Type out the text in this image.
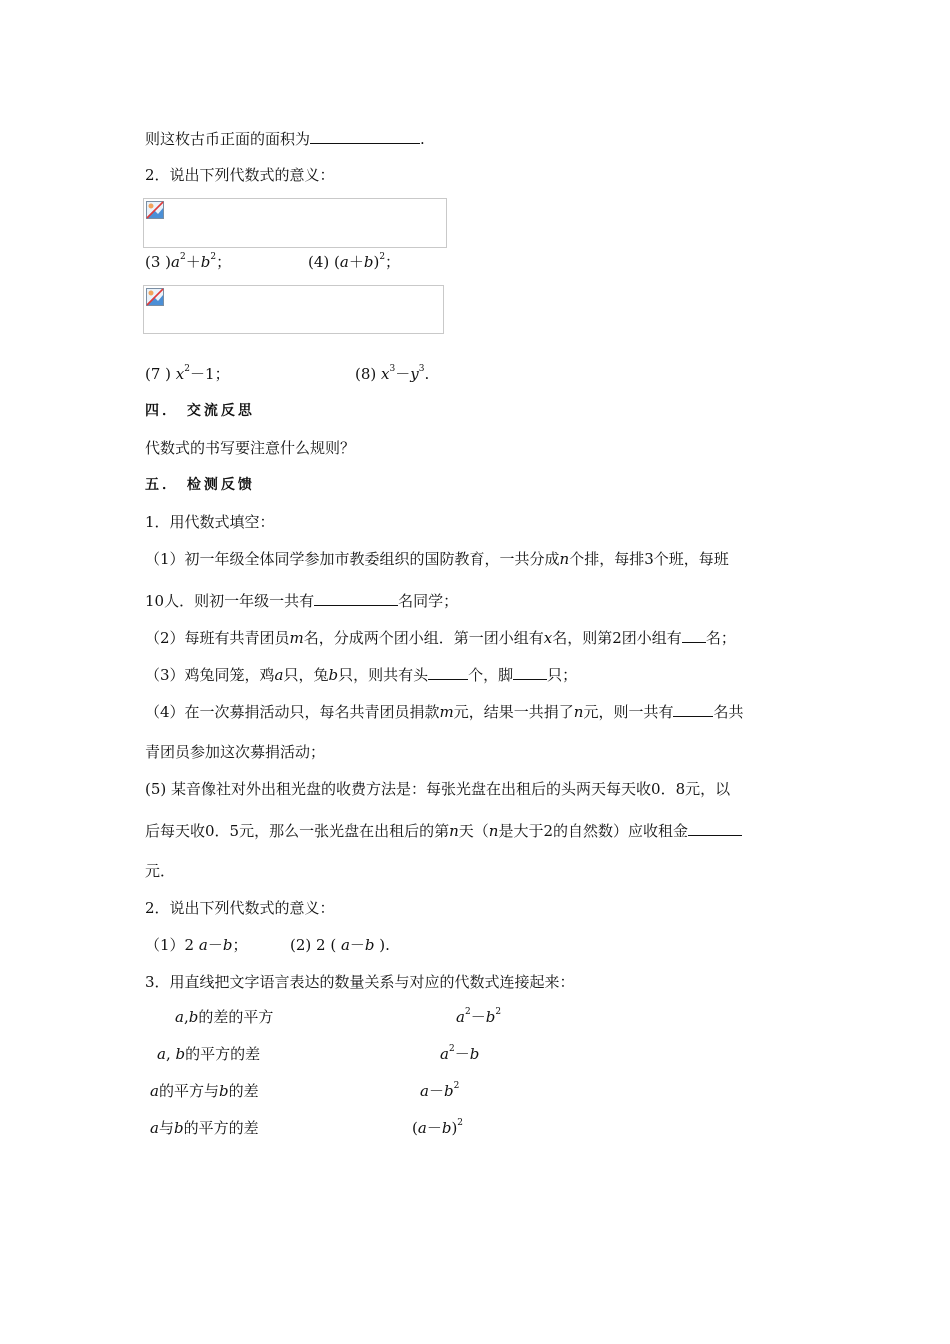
则这枚古币正面的面积为	.
2．说出下列代数式的意义：
(3 )$a^2+b^2$；	(4) $(a+b)^2$；
(7 ) $x^2-1$；	(8) $x^3-y^3$.
四． 交流反思
代数式的书写要注意什么规则？
五． 检测反馈
1．用代数式填空：
（1）初一年级全体同学参加市教委组织的国防教育，一共分成n个排，每排3个班，每班
10人．则初一年级一共有	名同学；
（2）每班有共青团员m名，分成两个团小组．第一团小组有x名，则第2团小组有 名；
（3）鸡兔同笼，鸡a只，兔b只，则共有头	个，脚 只；
（4）在一次募捐活动只，每名共青团员捐款m元，结果一共捐了n元，则一共有	名共
青团员参加这次募捐活动；
(5) 某音像社对外出租光盘的收费方法是：每张光盘在出租后的头两天每天收0．8元，以
后每天收0．5元，那么一张光盘在出租后的第n天（n是大于2的自然数）应收租金
元．
2．说出下列代数式的意义：
（1）2 a－b；	(2) 2 ( a－b ).
3．用直线把文字语言表达的数量关系与对应的代数式连接起来：
a,b的差的平方	$a^2-b^2$
a, b的平方的差	$a^2-b$
a的平方与b的差	$a-b^2$
a与b的平方的差	$(a-b)^2$
